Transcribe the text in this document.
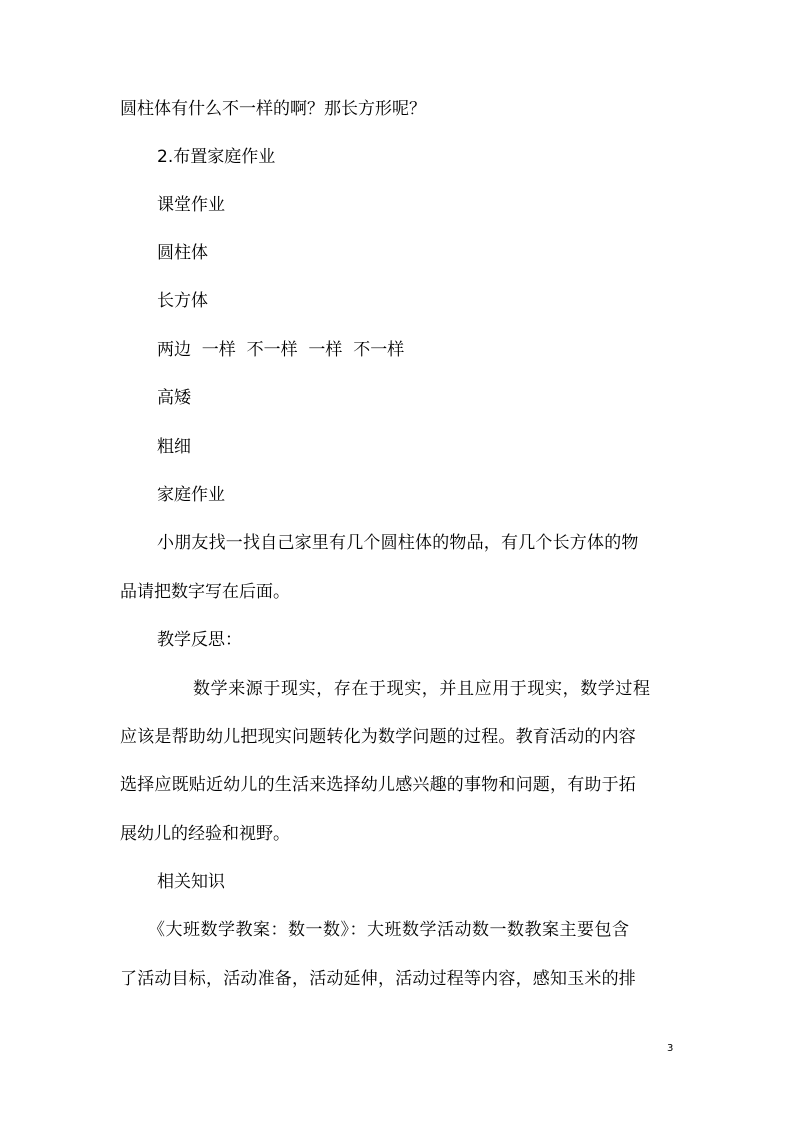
圆柱体有什么不一样的啊？那长方形呢？
2.布置家庭作业
课堂作业
圆柱体
长方体
两边  一样  不一样  一样  不一样
高矮
粗细
家庭作业
小朋友找一找自己家里有几个圆柱体的物品，有几个长方体的物
品请把数字写在后面。
教学反思：
数学来源于现实，存在于现实，并且应用于现实，数学过程
应该是帮助幼儿把现实问题转化为数学问题的过程。教育活动的内容
选择应既贴近幼儿的生活来选择幼儿感兴趣的事物和问题，有助于拓
展幼儿的经验和视野。
相关知识
《大班数学教案：数一数》：大班数学活动数一数教案主要包含
了活动目标，活动准备，活动延伸，活动过程等内容，感知玉米的排
3
